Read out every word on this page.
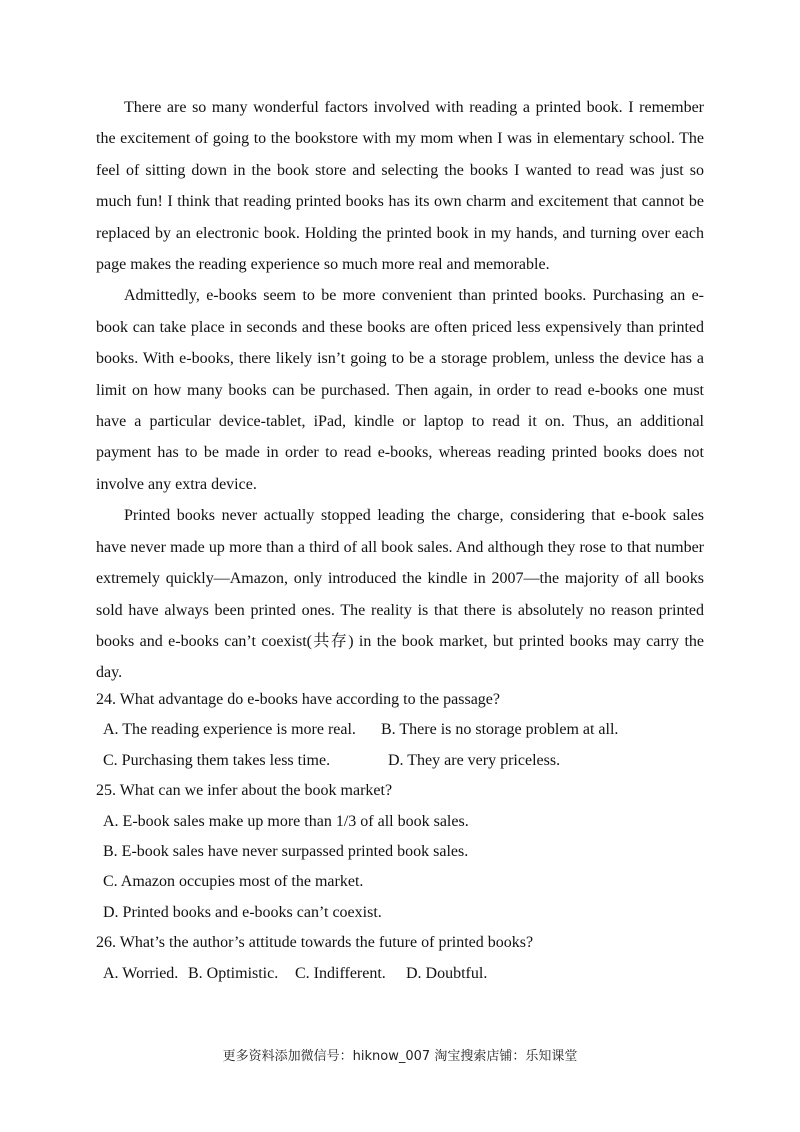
There are so many wonderful factors involved with reading a printed book. I remember the excitement of going to the bookstore with my mom when I was in elementary school. The feel of sitting down in the book store and selecting the books I wanted to read was just so much fun! I think that reading printed books has its own charm and excitement that cannot be replaced by an electronic book. Holding the printed book in my hands, and turning over each page makes the reading experience so much more real and memorable.

Admittedly, e-books seem to be more convenient than printed books. Purchasing an e-book can take place in seconds and these books are often priced less expensively than printed books. With e-books, there likely isn’t going to be a storage problem, unless the device has a limit on how many books can be purchased. Then again, in order to read e-books one must have a particular device-tablet, iPad, kindle or laptop to read it on. Thus, an additional payment has to be made in order to read e-books, whereas reading printed books does not involve any extra device.

Printed books never actually stopped leading the charge, considering that e-book sales have never made up more than a third of all book sales. And although they rose to that number extremely quickly—Amazon, only introduced the kindle in 2007—the majority of all books sold have always been printed ones. The reality is that there is absolutely no reason printed books and e-books can’t coexist(共存) in the book market, but printed books may carry the day.

24. What advantage do e-books have according to the passage?
A. The reading experience is more real. B. There is no storage problem at all.
C. Purchasing them takes less time.	D. They are very priceless.
25. What can we infer about the book market?
A. E-book sales make up more than 1/3 of all book sales.
B. E-book sales have never surpassed printed book sales.
C. Amazon occupies most of the market.
D. Printed books and e-books can’t coexist.
26. What’s the author’s attitude towards the future of printed books?
A. Worried. B. Optimistic. C. Indifferent. D. Doubtful.
更多资料添加微信号：hiknow_007 淘宝搜索店铺：乐知课堂
